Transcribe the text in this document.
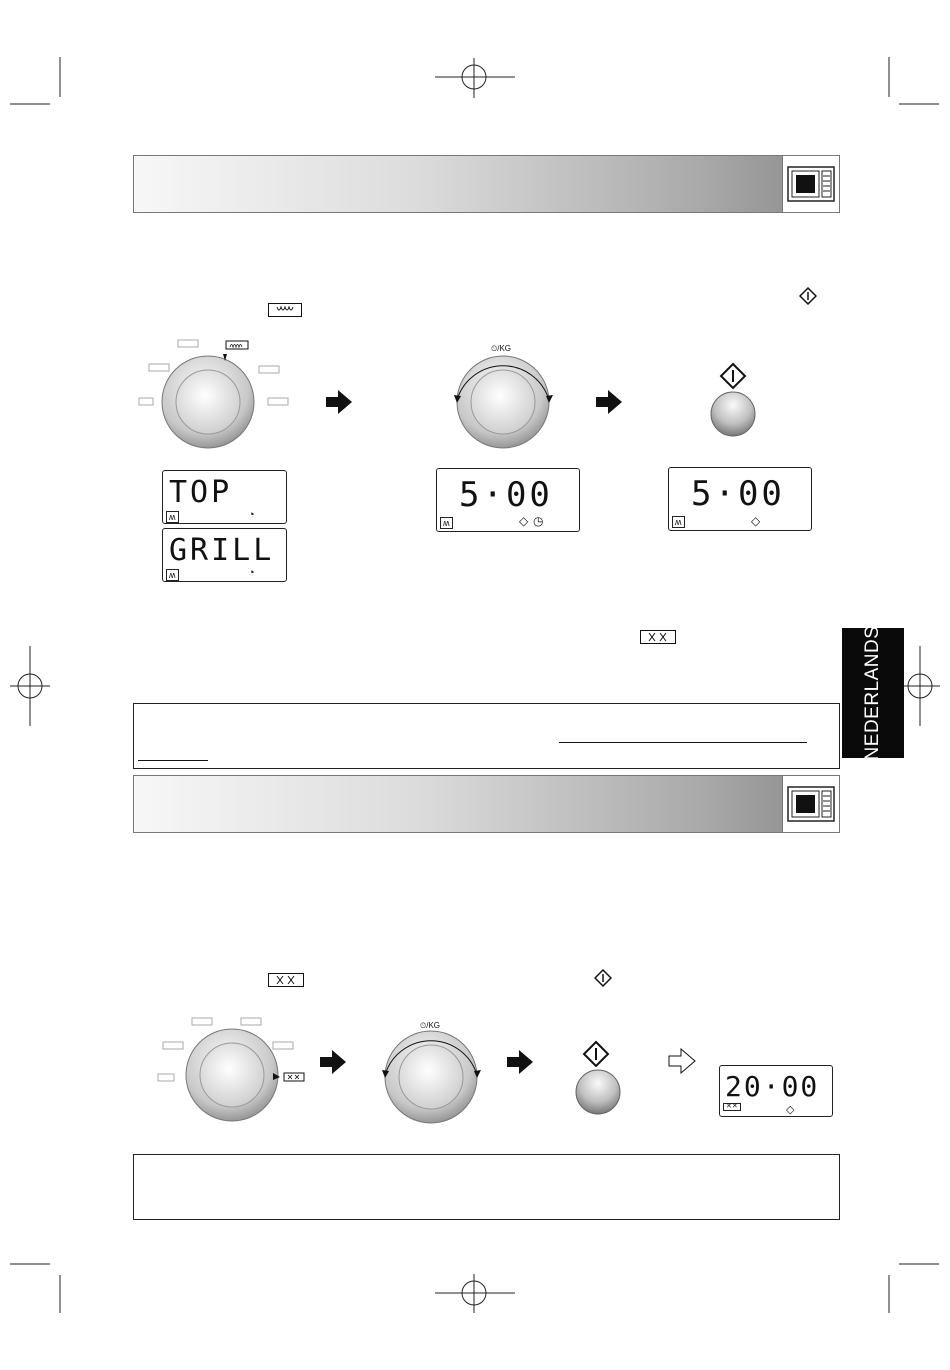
⏲/KG
TOP
ʍ	◔
GRILL
ʍ	◔
5·00
ʍ	◇ ◷
5·00
ʍ	◇
NEDERLANDS
⏲/KG
20·00
✕✕	◇
